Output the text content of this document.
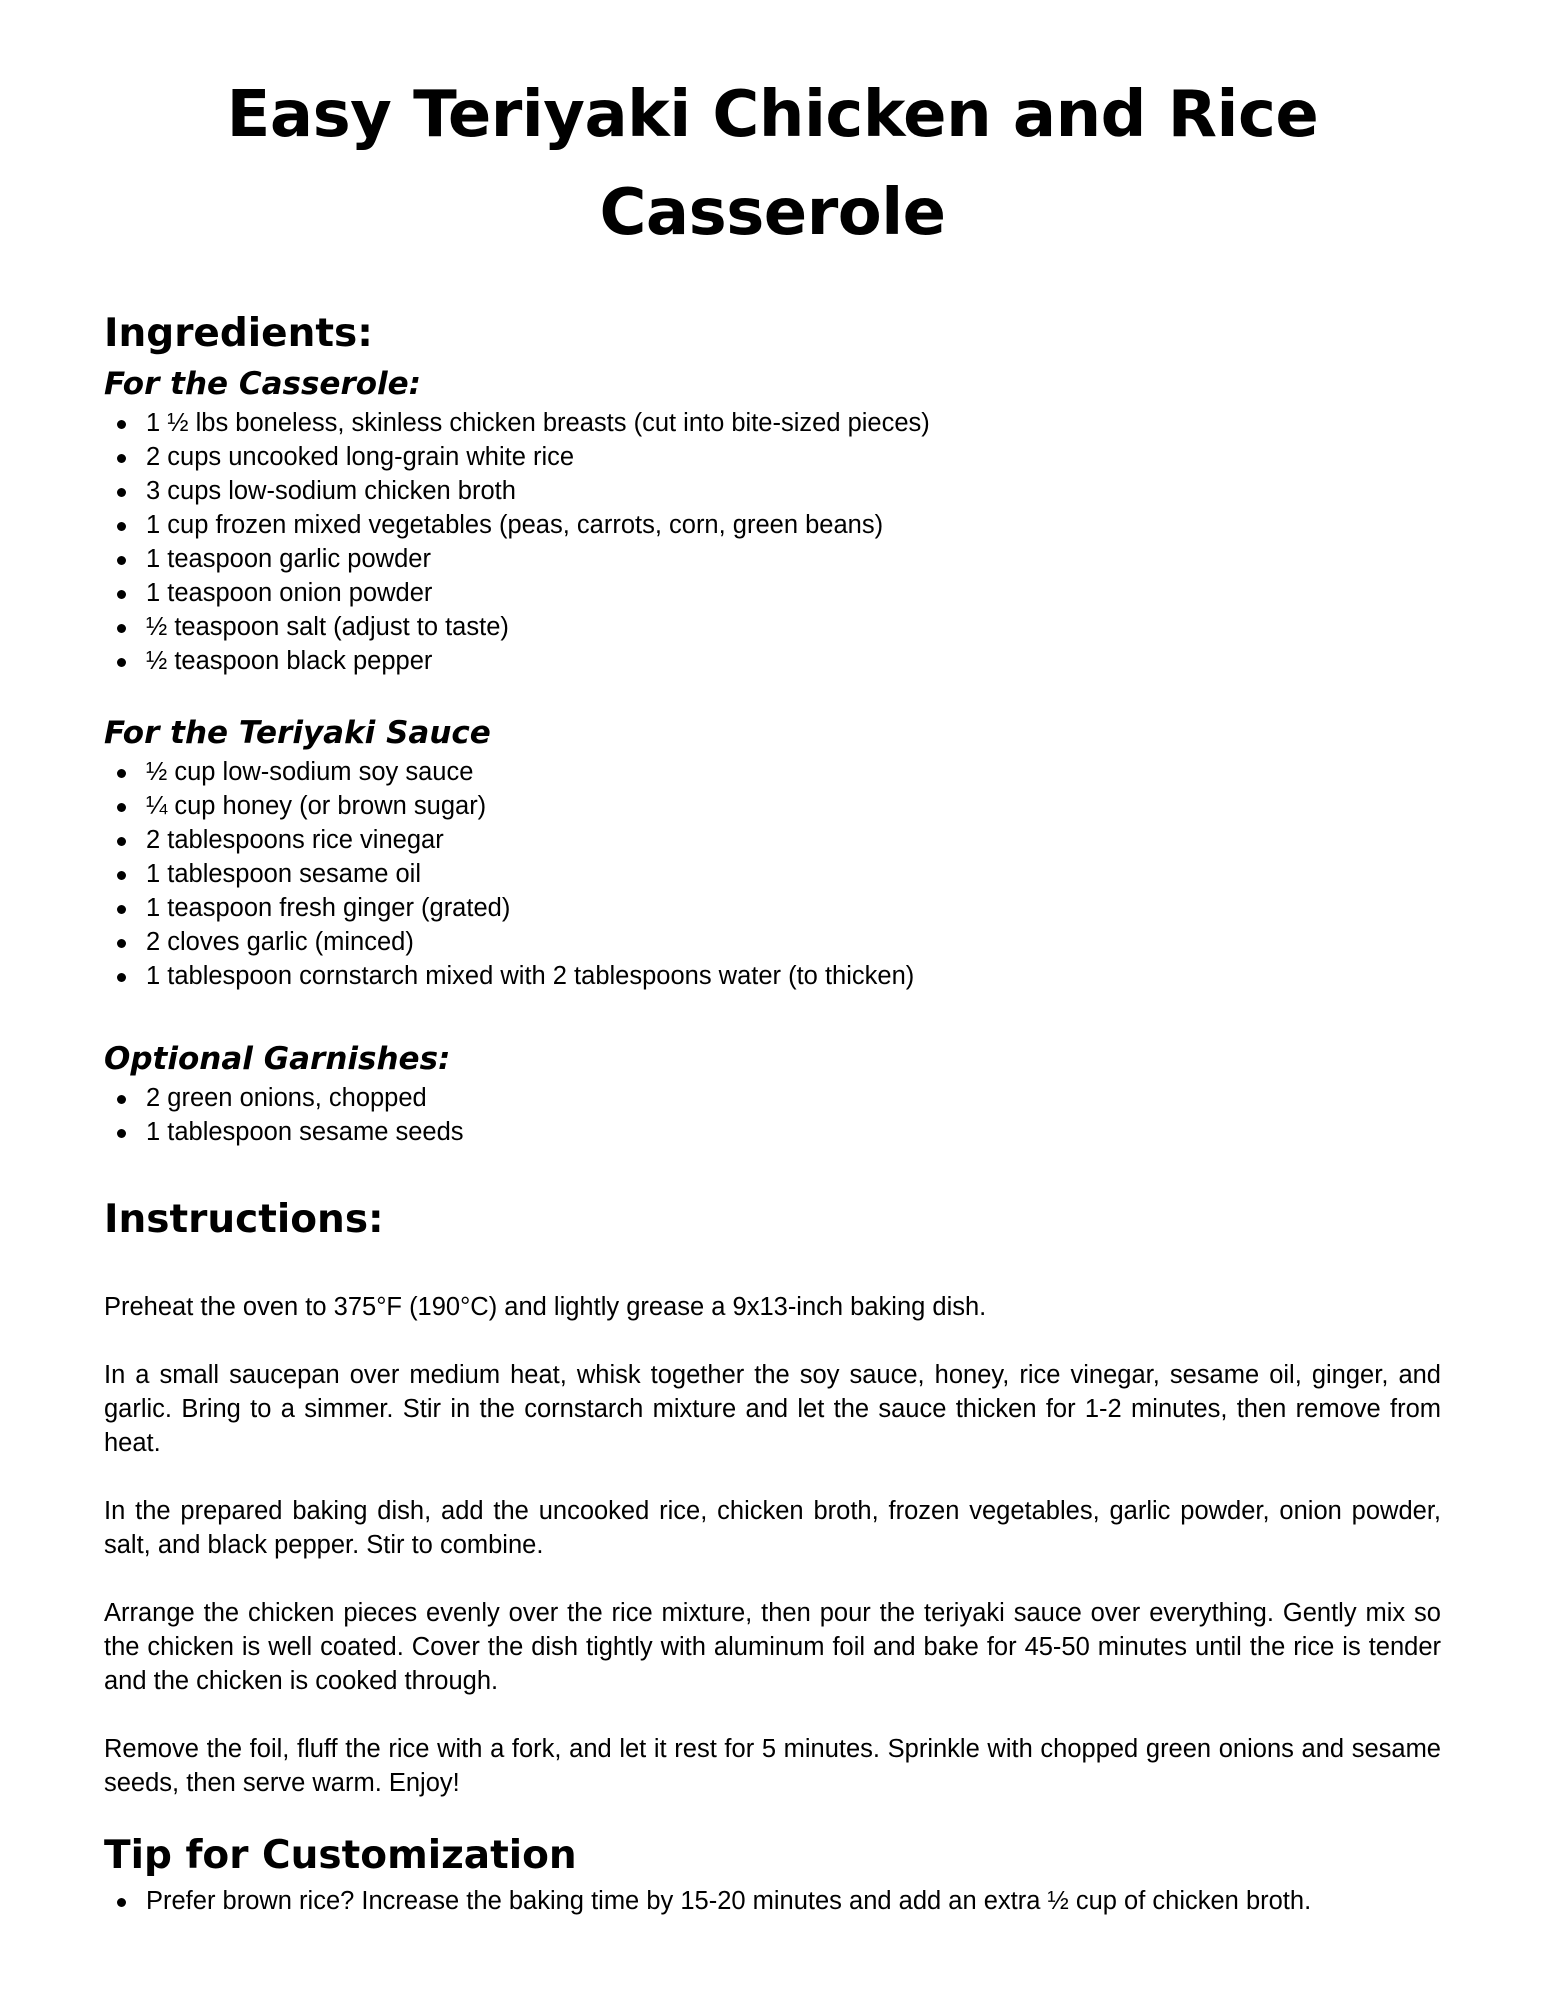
Easy Teriyaki Chicken and Rice
Casserole
Ingredients:
For the Casserole:
1 ½ lbs boneless, skinless chicken breasts (cut into bite-sized pieces)
2 cups uncooked long-grain white rice
3 cups low-sodium chicken broth
1 cup frozen mixed vegetables (peas, carrots, corn, green beans)
1 teaspoon garlic powder
1 teaspoon onion powder
½ teaspoon salt (adjust to taste)
½ teaspoon black pepper
For the Teriyaki Sauce
½ cup low-sodium soy sauce
¼ cup honey (or brown sugar)
2 tablespoons rice vinegar
1 tablespoon sesame oil
1 teaspoon fresh ginger (grated)
2 cloves garlic (minced)
1 tablespoon cornstarch mixed with 2 tablespoons water (to thicken)
Optional Garnishes:
2 green onions, chopped
1 tablespoon sesame seeds
Instructions:

Preheat the oven to 375°F (190°C) and lightly grease a 9x13-inch baking dish.

In a small saucepan over medium heat, whisk together the soy sauce, honey, rice vinegar, sesame oil, ginger, and garlic. Bring to a simmer. Stir in the cornstarch mixture and let the sauce thicken for 1-2 minutes, then remove from heat.

In the prepared baking dish, add the uncooked rice, chicken broth, frozen vegetables, garlic powder, onion powder, salt, and black pepper. Stir to combine.

Arrange the chicken pieces evenly over the rice mixture, then pour the teriyaki sauce over everything. Gently mix so the chicken is well coated. Cover the dish tightly with aluminum foil and bake for 45-50 minutes until the rice is tender and the chicken is cooked through.

Remove the foil, fluff the rice with a fork, and let it rest for 5 minutes. Sprinkle with chopped green onions and sesame seeds, then serve warm. Enjoy!

Tip for Customization
Prefer brown rice? Increase the baking time by 15-20 minutes and add an extra ½ cup of chicken broth.
